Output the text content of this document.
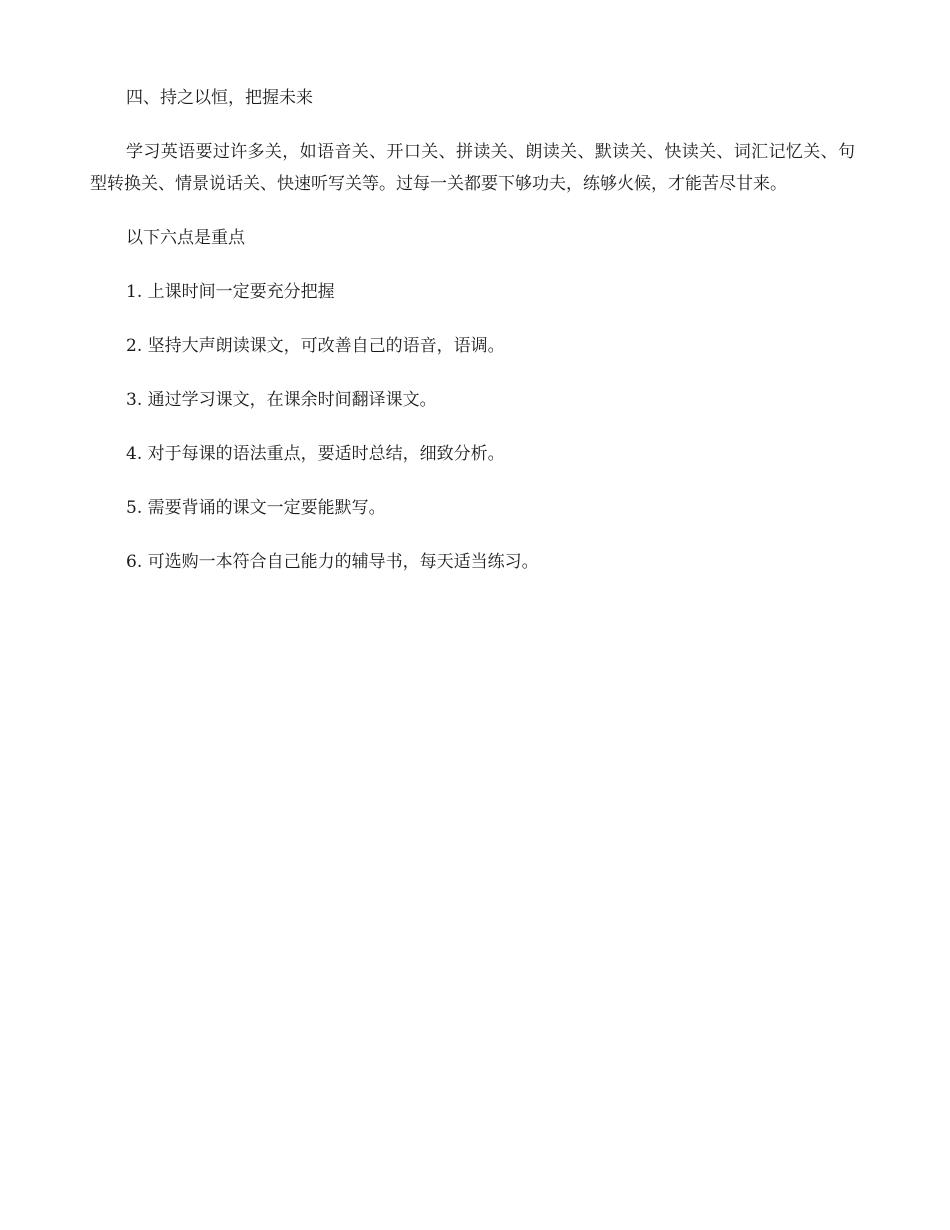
四、持之以恒，把握未来

学习英语要过许多关，如语音关、开口关、拼读关、朗读关、默读关、快读关、词汇记忆关、句型转换关、情景说话关、快速听写关等。过每一关都要下够功夫，练够火候，才能苦尽甘来。

以下六点是重点

1. 上课时间一定要充分把握
2. 坚持大声朗读课文，可改善自己的语音，语调。
3. 通过学习课文，在课余时间翻译课文。
4. 对于每课的语法重点，要适时总结，细致分析。
5. 需要背诵的课文一定要能默写。
6. 可选购一本符合自己能力的辅导书，每天适当练习。
